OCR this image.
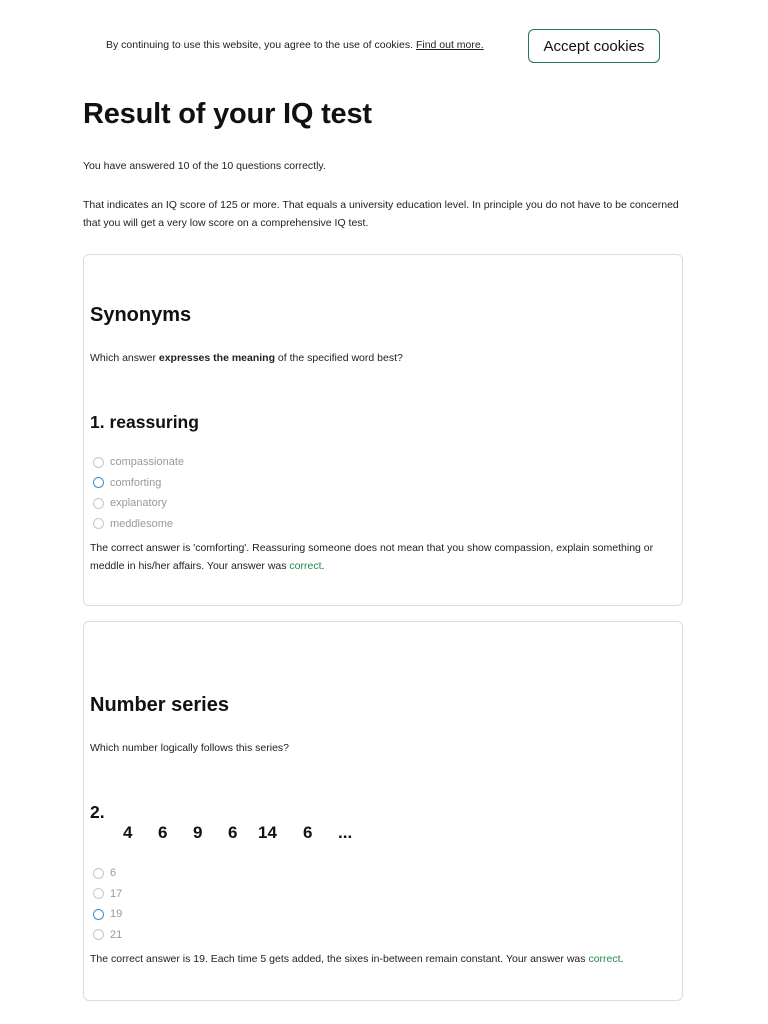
By continuing to use this website, you agree to the use of cookies. Find out more.	Accept cookies
Result of your IQ test

You have answered 10 of the 10 questions correctly.

That indicates an IQ score of 125 or more. That equals a university education level. In principle you do not have to be concerned that you will get a very low score on a comprehensive IQ test.

Synonyms

Which answer expresses the meaning of the specified word best?

1. reassuring

compassionate
comforting
explanatory
meddlesome

The correct answer is 'comforting'. Reassuring someone does not mean that you show compassion, explain something or meddle in his/her affairs. Your answer was correct.

Number series

Which number logically follows this series?

2.

4	6	9	6	14	6	...
6
17
19
21

The correct answer is 19. Each time 5 gets added, the sixes in-between remain constant. Your answer was correct.
